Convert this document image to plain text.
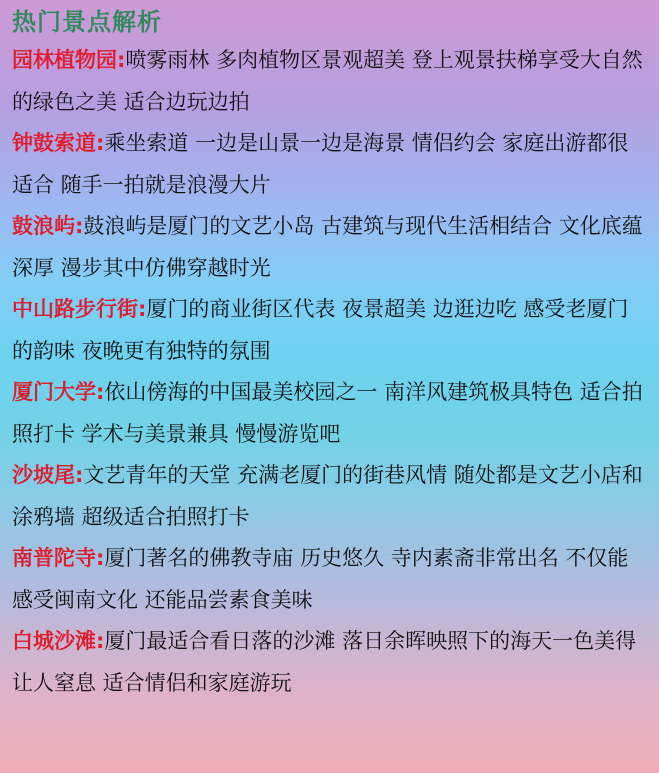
热门景点解析

园林植物园:喷雾雨林 多肉植物区景观超美 登上观景扶梯享受大自然的绿色之美 适合边玩边拍

钟鼓索道:乘坐索道 一边是山景一边是海景 情侣约会 家庭出游都很适合 随手一拍就是浪漫大片

鼓浪屿:鼓浪屿是厦门的文艺小岛 古建筑与现代生活相结合 文化底蕴深厚 漫步其中仿佛穿越时光

中山路步行街:厦门的商业街区代表 夜景超美 边逛边吃 感受老厦门的韵味 夜晚更有独特的氛围

厦门大学:依山傍海的中国最美校园之一 南洋风建筑极具特色 适合拍照打卡 学术与美景兼具 慢慢游览吧

沙坡尾:文艺青年的天堂 充满老厦门的街巷风情 随处都是文艺小店和涂鸦墙 超级适合拍照打卡

南普陀寺:厦门著名的佛教寺庙 历史悠久 寺内素斋非常出名 不仅能感受闽南文化 还能品尝素食美味

白城沙滩:厦门最适合看日落的沙滩 落日余晖映照下的海天一色美得让人窒息 适合情侣和家庭游玩
